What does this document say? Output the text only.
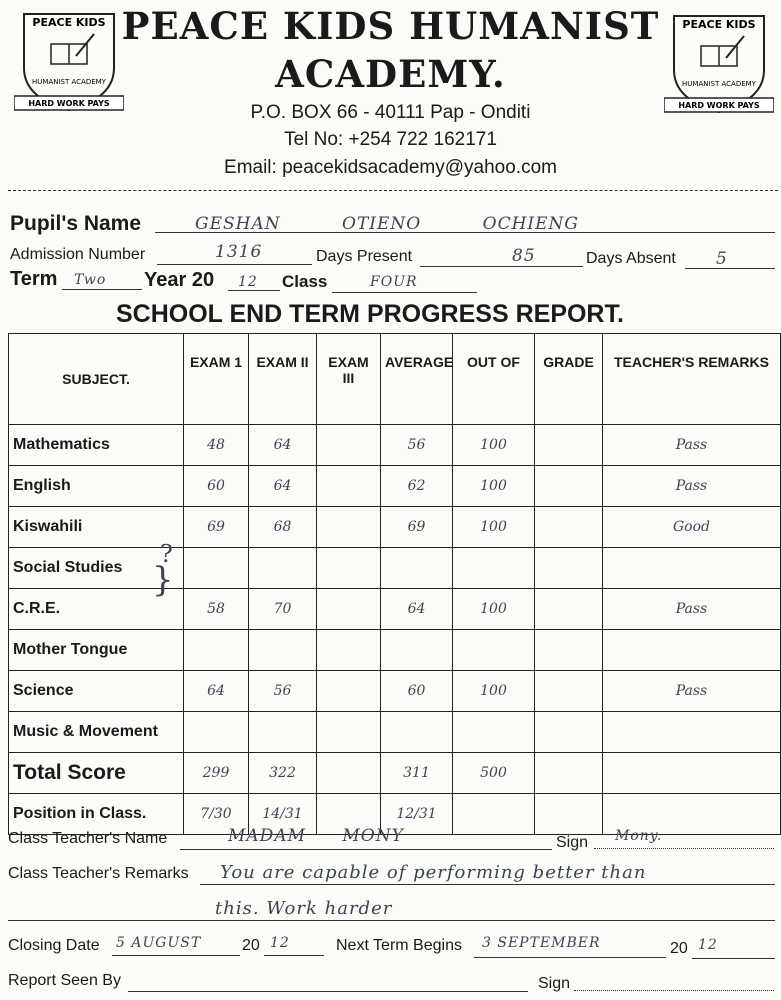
PEACE KIDS
HUMANIST ACADEMY
HARD WORK PAYS
PEACE KIDS
HUMANIST ACADEMY
HARD WORK PAYS
PEACE KIDS HUMANIST
ACADEMY.
P.O. BOX 66 - 40111 Pap - Onditi
Tel No: +254 722 162171
Email: peacekidsacademy@yahoo.com
Pupil's Name	GESHAN OTIENO OCHIENG
Admission Number	1316	Days Present	85	Days Absent 5
Term Two Year 20 12 Class	FOUR
SCHOOL END TERM PROGRESS REPORT.
SUBJECT.	EXAM 1	EXAM II	EXAM III	AVERAGE	OUT OF	GRADE	TEACHER'S REMARKS
Mathematics	48	64		56	100		Pass
English	60	64		62	100		Pass
Kiswahili	69	68		69	100		Good
Social Studies							
C.R.E.	58	70		64	100		Pass
Mother Tongue							
Science	64	56		60	100		Pass
Music & Movement							
Total Score	299	322		311	500		
Position in Class.	7/30	14/31		12/31			
?
}
Class Teacher's Name	MADAM MONY	Sign Mony.
Class Teacher's Remarks You are capable of performing better than
this. Work harder
Closing Date 5 AUGUST	20 12	Next Term Begins 3 SEPTEMBER	20 12
Report Seen By	Sign
